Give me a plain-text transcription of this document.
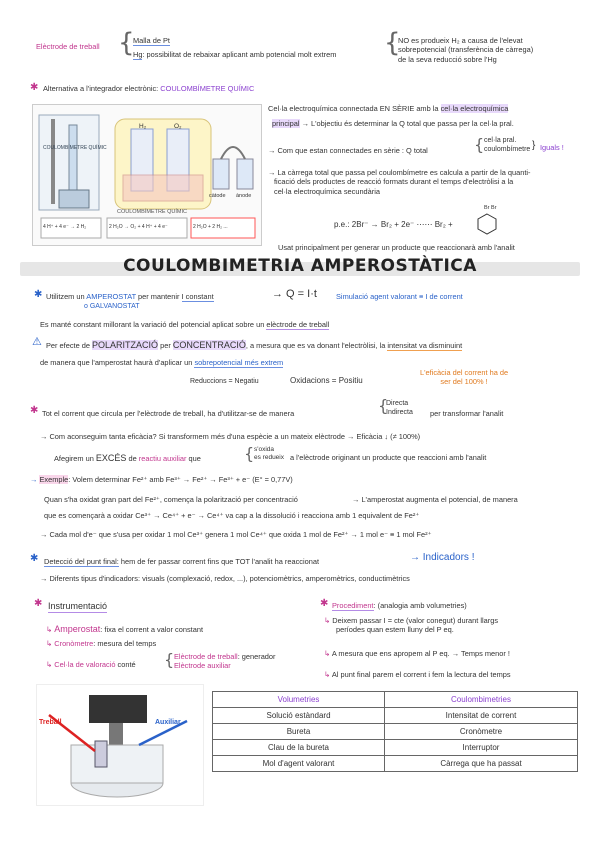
Elèctrode de treball {
Malla de Pt
Hg: possibilitat de rebaixar aplicant amb potencial molt extrem {
NO es produeix H₂ a causa de l'elevat
sobrepotencial (transferència de càrrega)
de la seva reducció sobre l'Hg
✱ Alternativa a l'integrador electrònic: COULOMBÍMETRE QUÍMIC
H₂	O₂
COULOMBÍMETRE QUÍMIC
càtode ànode
COULOMBÍMETRE QUÍMIC
4 H⁺ + 4 e⁻ → 2 H₂	2 H₂O → O₂ + 4 H⁺ + 4 e⁻	2 H₂O + 2 H₂ ...
Cel·la electroquímica connectada EN SÈRIE amb la cel·la electroquímica
principal → L'objectiu és determinar la Q total que passa per la cel·la pral.
→ Com que estan connectades en sèrie : Q total	{ cel·la pral.
coulombímetre } Iguals !
→ La càrrega total que passa pel coulombímetre es calcula a partir de la quanti-
ficació dels productes de reacció formats durant el temps d'electròlisi a la
cel·la electroquímica secundària
p.e.: 2Br⁻ → Br₂ + 2e⁻ ⋯⋯ Br₂ +
Br Br
Usat principalment per generar un producte que reaccionarà amb l'analit
COULOMBIMETRIA AMPEROSTÀTICA
✱ Utilitzem un AMPEROSTAT per mantenir I constant	→ Q = I·t	Simulació agent valorant ≡ I de corrent
o GALVANOSTAT
Es manté constant millorant la variació del potencial aplicat sobre un elèctrode de treball
⚠ Per efecte de POLARITZACIÓ per CONCENTRACIÓ, a mesura que es va donant l'electròlisi, la intensitat va disminuint
de manera que l'amperostat haurà d'aplicar un sobrepotencial més extrem
Reduccions = Negatiu	Oxidacions = Positiu
L'eficàcia del corrent ha de
ser del 100% !
✱ Tot el corrent que circula per l'elèctrode de treball, ha d'utilitzar-se de manera	{
Directa
Indirecta per transformar l'analit
→ Com aconseguim tanta eficàcia? Si transformem més d'una espècie a un mateix elèctrode → Eficàcia ↓ (≠ 100%)
Afegirem un EXCÉS de reactiu auxiliar que	{ s'oxida
es redueix a l'elèctrode originant un producte que reaccioni amb l'analit
→ Exemple: Volem determinar Fe²⁺ amb Fe³⁺ → Fe²⁺ → Fe³⁺ + e⁻ (E° = 0,77V)
Quan s'ha oxidat gran part del Fe²⁺, comença la polarització per concentració	→ L'amperostat augmenta el potencial, de manera
que es començarà a oxidar Ce³⁺ → Ce⁴⁺ + e⁻ → Ce⁴⁺ va cap a la dissolució i reacciona amb 1 equivalent de Fe²⁺
→ Cada mol d'e⁻ que s'usa per oxidar 1 mol Ce³⁺ genera 1 mol Ce⁴⁺ que oxida 1 mol de Fe²⁺ → 1 mol e⁻ ≡ 1 mol Fe²⁺
✱ Detecció del punt final: hem de fer passar corrent fins que TOT l'analit ha reaccionat	→ Indicadors !
→ Diferents tipus d'indicadors: visuals (complexació, redox, ...), potenciomètrics, amperomètrics, conductimètrics
✱ Instrumentació
↳ Amperostat: fixa el corrent a valor constant
↳ Cronòmetre: mesura del temps
↳ Cel·la de valoració conté { Elèctrode de treball: generador
Elèctrode auxiliar
✱ Procediment: (analogia amb volumetries)
↳ Deixem passar I = cte (valor conegut) durant llargs
períodes quan estem lluny del P eq.
↳ A mesura que ens apropem al P eq. → Temps menor !
↳ Al punt final parem el corrent i fem la lectura del temps
Treball	Auxiliar
Volumetries	Coulombimetries
Solució estàndard	Intensitat de corrent
Bureta	Cronòmetre
Clau de la bureta	Interruptor
Mol d'agent valorant	Càrrega que ha passat
